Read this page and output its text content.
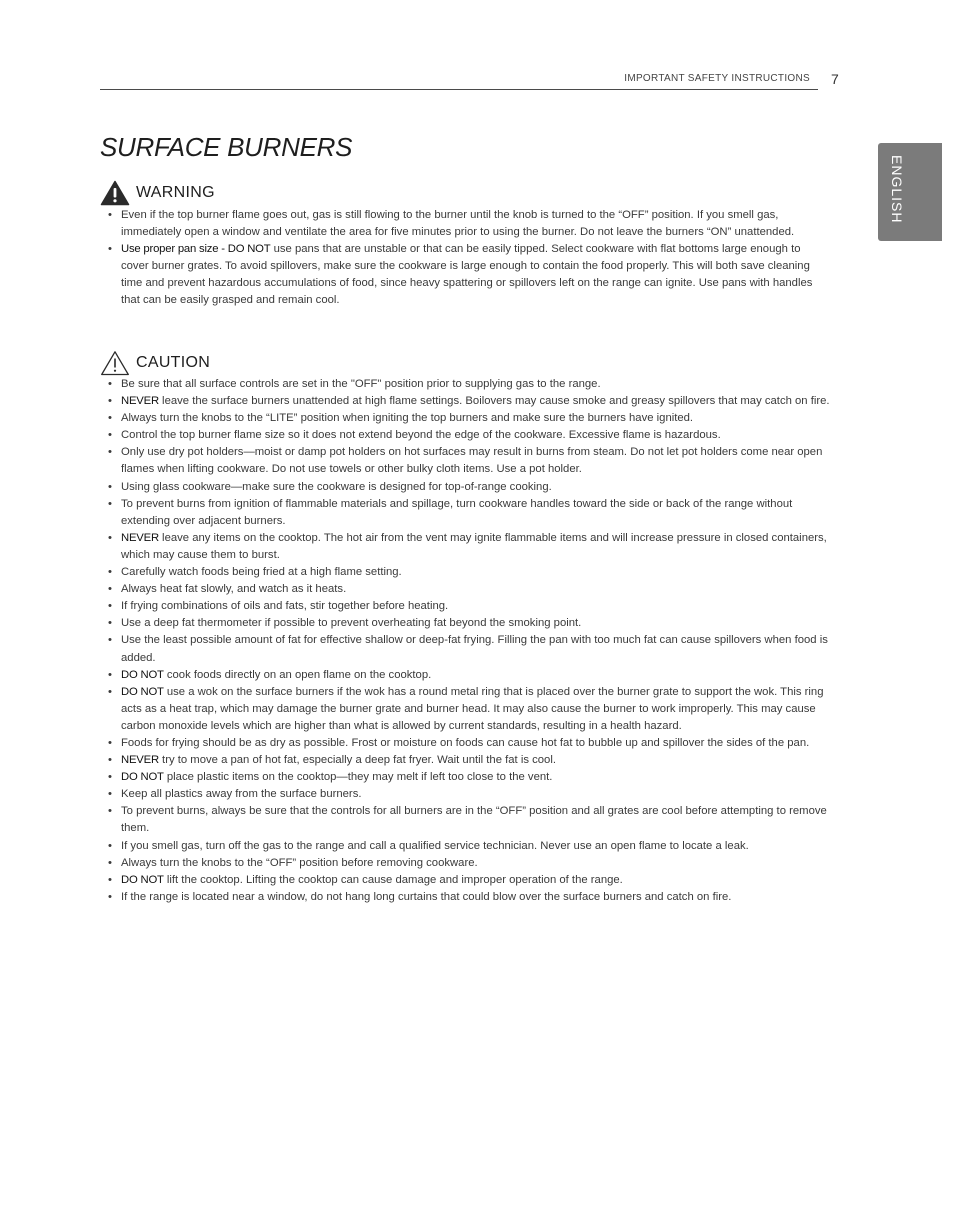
IMPORTANT SAFETY INSTRUCTIONS 7
ENGLISH
SURFACE BURNERS
WARNING
• Even if the top burner flame goes out, gas is still flowing to the burner until the knob is turned to the “OFF” position. If you smell gas, immediately open a window and ventilate the area for five minutes prior to using the burner. Do not leave the burners “ON” unattended.
• Use proper pan size - DO NOT use pans that are unstable or that can be easily tipped. Select cookware with flat bottoms large enough to cover burner grates. To avoid spillovers, make sure the cookware is large enough to contain the food properly. This will both save cleaning time and prevent hazardous accumulations of food, since heavy spattering or spillovers left on the range can ignite. Use pans with handles that can be easily grasped and remain cool.
CAUTION
• Be sure that all surface controls are set in the "OFF" position prior to supplying gas to the range.
• NEVER leave the surface burners unattended at high flame settings. Boilovers may cause smoke and greasy spillovers that may catch on fire.
• Always turn the knobs to the “LITE” position when igniting the top burners and make sure the burners have ignited.
• Control the top burner flame size so it does not extend beyond the edge of the cookware. Excessive flame is hazardous.
• Only use dry pot holders—moist or damp pot holders on hot surfaces may result in burns from steam. Do not let pot holders come near open flames when lifting cookware. Do not use towels or other bulky cloth items. Use a pot holder.
• Using glass cookware—make sure the cookware is designed for top-of-range cooking.
• To prevent burns from ignition of flammable materials and spillage, turn cookware handles toward the side or back of the range without extending over adjacent burners.
• NEVER leave any items on the cooktop. The hot air from the vent may ignite flammable items and will increase pressure in closed containers, which may cause them to burst.
• Carefully watch foods being fried at a high flame setting.
• Always heat fat slowly, and watch as it heats.
• If frying combinations of oils and fats, stir together before heating.
• Use a deep fat thermometer if possible to prevent overheating fat beyond the smoking point.
• Use the least possible amount of fat for effective shallow or deep-fat frying. Filling the pan with too much fat can cause spillovers when food is added.
• DO NOT cook foods directly on an open flame on the cooktop.
• DO NOT use a wok on the surface burners if the wok has a round metal ring that is placed over the burner grate to support the wok. This ring acts as a heat trap, which may damage the burner grate and burner head. It may also cause the burner to work improperly. This may cause carbon monoxide levels which are higher than what is allowed by current standards, resulting in a health hazard.
• Foods for frying should be as dry as possible. Frost or moisture on foods can cause hot fat to bubble up and spillover the sides of the pan.
• NEVER try to move a pan of hot fat, especially a deep fat fryer. Wait until the fat is cool.
• DO NOT place plastic items on the cooktop—they may melt if left too close to the vent.
• Keep all plastics away from the surface burners.
• To prevent burns, always be sure that the controls for all burners are in the “OFF” position and all grates are cool before attempting to remove them.
• If you smell gas, turn off the gas to the range and call a qualified service technician. Never use an open flame to locate a leak.
• Always turn the knobs to the “OFF” position before removing cookware.
• DO NOT lift the cooktop. Lifting the cooktop can cause damage and improper operation of the range.
• If the range is located near a window, do not hang long curtains that could blow over the surface burners and catch on fire.
